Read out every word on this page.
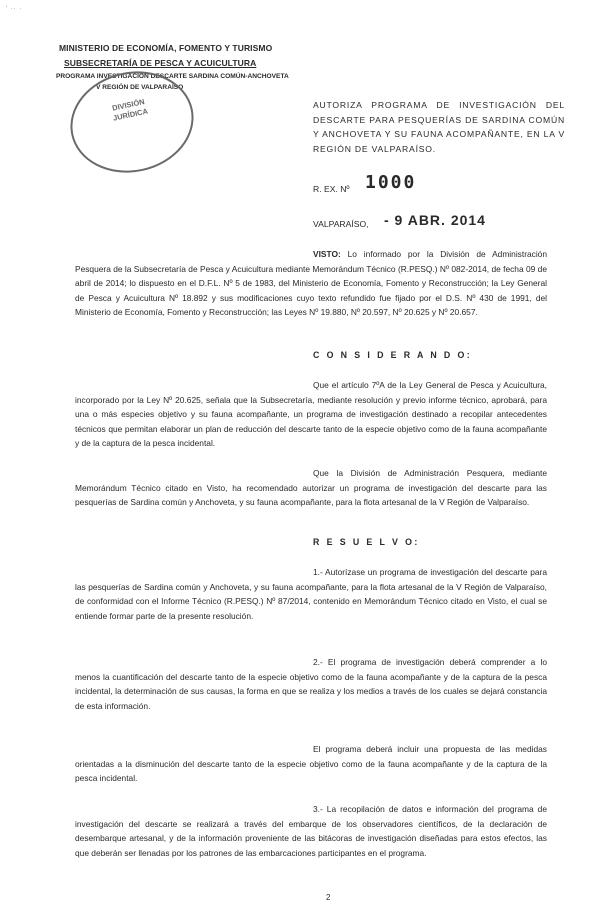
' ·· ·
MINISTERIO DE ECONOMÍA, FOMENTO Y TURISMO
SUBSECRETARÍA DE PESCA Y ACUICULTURA
PROGRAMA INVESTIGACIÓN DESCARTE SARDINA COMÚN-ANCHOVETA
V REGIÓN DE VALPARAÍSO
DIVISIÓN JURÍDICA
AUTORIZA PROGRAMA DE INVESTIGACIÓN DEL DESCARTE PARA PESQUERÍAS DE SARDINA COMÚN Y ANCHOVETA Y SU FAUNA ACOMPAÑANTE, EN LA V REGIÓN DE VALPARAÍSO.
R. EX. Nº 1000
VALPARAÍSO, - 9 ABR. 2014
VISTO: Lo informado por la División de Administración Pesquera de la Subsecretaría de Pesca y Acuicultura mediante Memorándum Técnico (R.PESQ.) Nº 082-2014, de fecha 09 de abril de 2014; lo dispuesto en el D.F.L. Nº 5 de 1983, del Ministerio de Economía, Fomento y Reconstrucción; la Ley General de Pesca y Acuicultura Nº 18.892 y sus modificaciones cuyo texto refundido fue fijado por el D.S. Nº 430 de 1991, del Ministerio de Economía, Fomento y Reconstrucción; las Leyes Nº 19.880, Nº 20.597, Nº 20.625 y Nº 20.657.
C O N S I D E R A N D O:
Que el artículo 7ºA de la Ley General de Pesca y Acuicultura, incorporado por la Ley Nº 20.625, señala que la Subsecretaría, mediante resolución y previo informe técnico, aprobará, para una o más especies objetivo y su fauna acompañante, un programa de investigación destinado a recopilar antecedentes técnicos que permitan elaborar un plan de reducción del descarte tanto de la especie objetivo como de la fauna acompañante y de la captura de la pesca incidental.
Que la División de Administración Pesquera, mediante Memorándum Técnico citado en Visto, ha recomendado autorizar un programa de investigación del descarte para las pesquerías de Sardina común y Anchoveta, y su fauna acompañante, para la flota artesanal de la V Región de Valparaíso.
R E S U E L V O:
1.- Autorízase un programa de investigación del descarte para las pesquerías de Sardina común y Anchoveta, y su fauna acompañante, para la flota artesanal de la V Región de Valparaíso, de conformidad con el Informe Técnico (R.PESQ.) Nº 87/2014, contenido en Memorándum Técnico citado en Visto, el cual se entiende formar parte de la presente resolución.
2.- El programa de investigación deberá comprender a lo menos la cuantificación del descarte tanto de la especie objetivo como de la fauna acompañante y de la captura de la pesca incidental, la determinación de sus causas, la forma en que se realiza y los medios a través de los cuales se dejará constancia de esta información.
El programa deberá incluir una propuesta de las medidas orientadas a la disminución del descarte tanto de la especie objetivo como de la fauna acompañante y de la captura de la pesca incidental.
3.- La recopilación de datos e información del programa de investigación del descarte se realizará a través del embarque de los observadores científicos, de la declaración de desembarque artesanal, y de la información proveniente de las bitácoras de investigación diseñadas para estos efectos, las que deberán ser llenadas por los patrones de las embarcaciones participantes en el programa.
2
